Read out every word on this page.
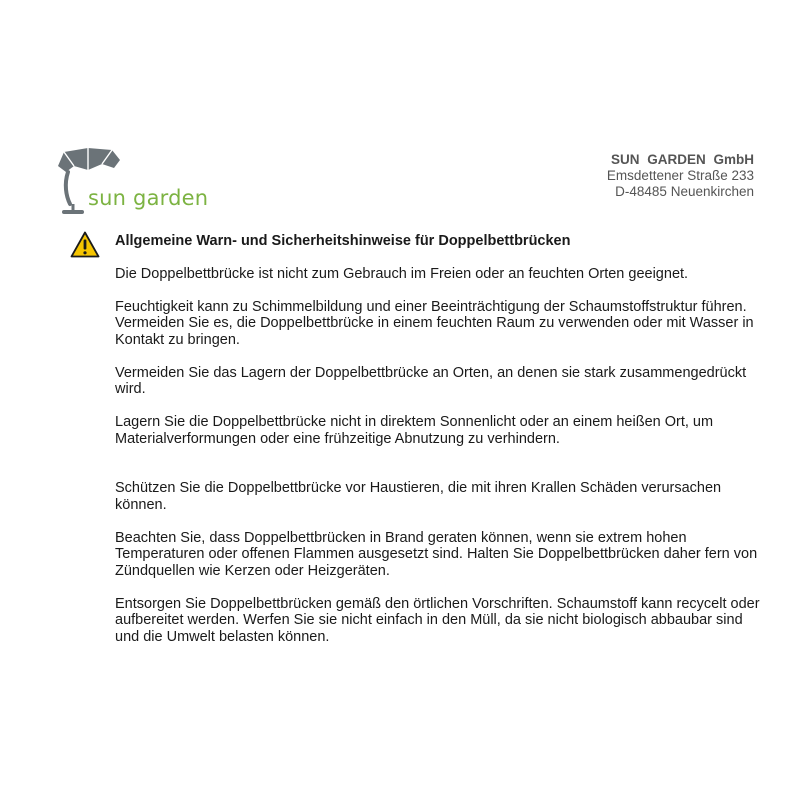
sun garden
SUN GARDEN GmbH
Emsdettener Straße 233
D-48485 Neuenkirchen
Allgemeine Warn- und Sicherheitshinweise für Doppelbettbrücken

Die Doppelbettbrücke ist nicht zum Gebrauch im Freien oder an feuchten Orten geeignet.

Feuchtigkeit kann zu Schimmelbildung und einer Beeinträchtigung der Schaumstoffstruktur führen. Vermeiden Sie es, die Doppelbettbrücke in einem feuchten Raum zu verwenden oder mit Wasser in Kontakt zu bringen.

Vermeiden Sie das Lagern der Doppelbettbrücke an Orten, an denen sie stark zusammengedrückt wird.

Lagern Sie die Doppelbettbrücke nicht in direktem Sonnenlicht oder an einem heißen Ort, um Materialverformungen oder eine frühzeitige Abnutzung zu verhindern.

Schützen Sie die Doppelbettbrücke vor Haustieren, die mit ihren Krallen Schäden verursachen können.

Beachten Sie, dass Doppelbettbrücken in Brand geraten können, wenn sie extrem hohen Temperaturen oder offenen Flammen ausgesetzt sind. Halten Sie Doppelbettbrücken daher fern von Zündquellen wie Kerzen oder Heizgeräten.

Entsorgen Sie Doppelbettbrücken gemäß den örtlichen Vorschriften. Schaumstoff kann recycelt oder aufbereitet werden. Werfen Sie sie nicht einfach in den Müll, da sie nicht biologisch abbaubar sind und die Umwelt belasten können.
